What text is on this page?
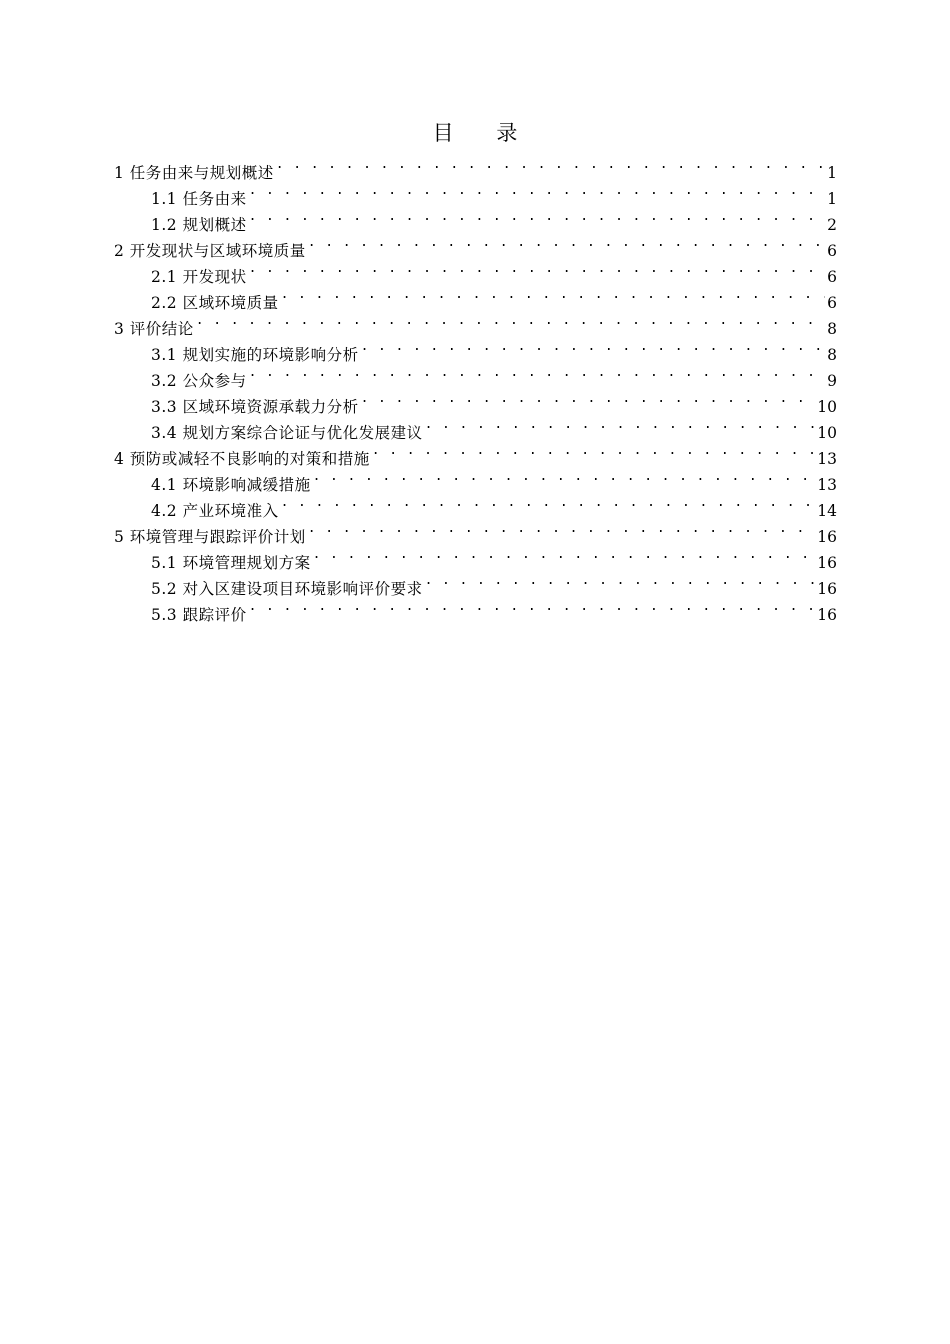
目 录
1 任务由来与规划概述 . . .	1
1.1 任务由来 . . .	1
1.2 规划概述 . . .	2
2 开发现状与区域环境质量 . . .	6
2.1 开发现状 . . .	6
2.2 区域环境质量 . . .	6
3 评价结论 . . .	8
3.1 规划实施的环境影响分析 . . .	8
3.2 公众参与 . . .	9
3.3 区域环境资源承载力分析 . . .	10
3.4 规划方案综合论证与优化发展建议 . . .	10
4 预防或减轻不良影响的对策和措施 . . .	13
4.1 环境影响减缓措施 . . .	13
4.2 产业环境准入 . . .	14
5 环境管理与跟踪评价计划 . . .	16
5.1 环境管理规划方案 . . .	16
5.2 对入区建设项目环境影响评价要求 . . .	16
5.3 跟踪评价 . . .	16
